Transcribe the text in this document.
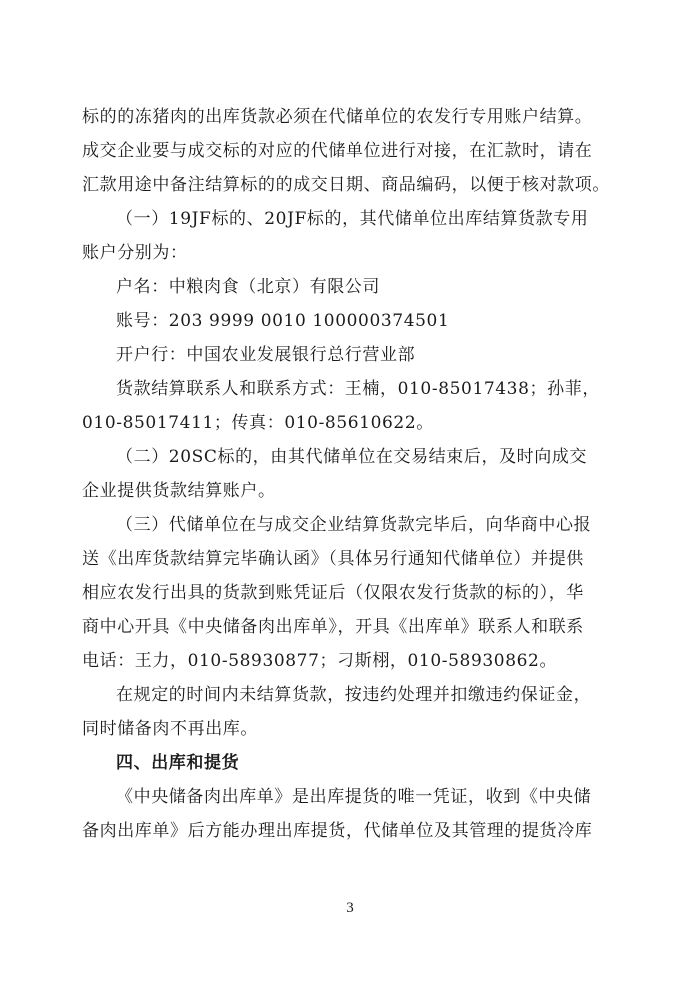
标的的冻猪肉的出库货款必须在代储单位的农发行专用账户结算。
成交企业要与成交标的对应的代储单位进行对接，在汇款时，请在
汇款用途中备注结算标的的成交日期、商品编码，以便于核对款项。
（一）19JF标的、20JF标的，其代储单位出库结算货款专用
账户分别为：
户名：中粮肉食（北京）有限公司
账号：203 9999 0010 100000374501
开户行：中国农业发展银行总行营业部
货款结算联系人和联系方式：王楠，010-85017438；孙菲，
010-85017411；传真：010-85610622。
（二）20SC标的，由其代储单位在交易结束后，及时向成交
企业提供货款结算账户。
（三）代储单位在与成交企业结算货款完毕后，向华商中心报
送《出库货款结算完毕确认函》（具体另行通知代储单位）并提供
相应农发行出具的货款到账凭证后（仅限农发行货款的标的），华
商中心开具《中央储备肉出库单》，开具《出库单》联系人和联系
电话：王力，010-58930877；刁斯栩，010-58930862。
在规定的时间内未结算货款，按违约处理并扣缴违约保证金，
同时储备肉不再出库。
四、出库和提货
《中央储备肉出库单》是出库提货的唯一凭证，收到《中央储
备肉出库单》后方能办理出库提货，代储单位及其管理的提货冷库
3
